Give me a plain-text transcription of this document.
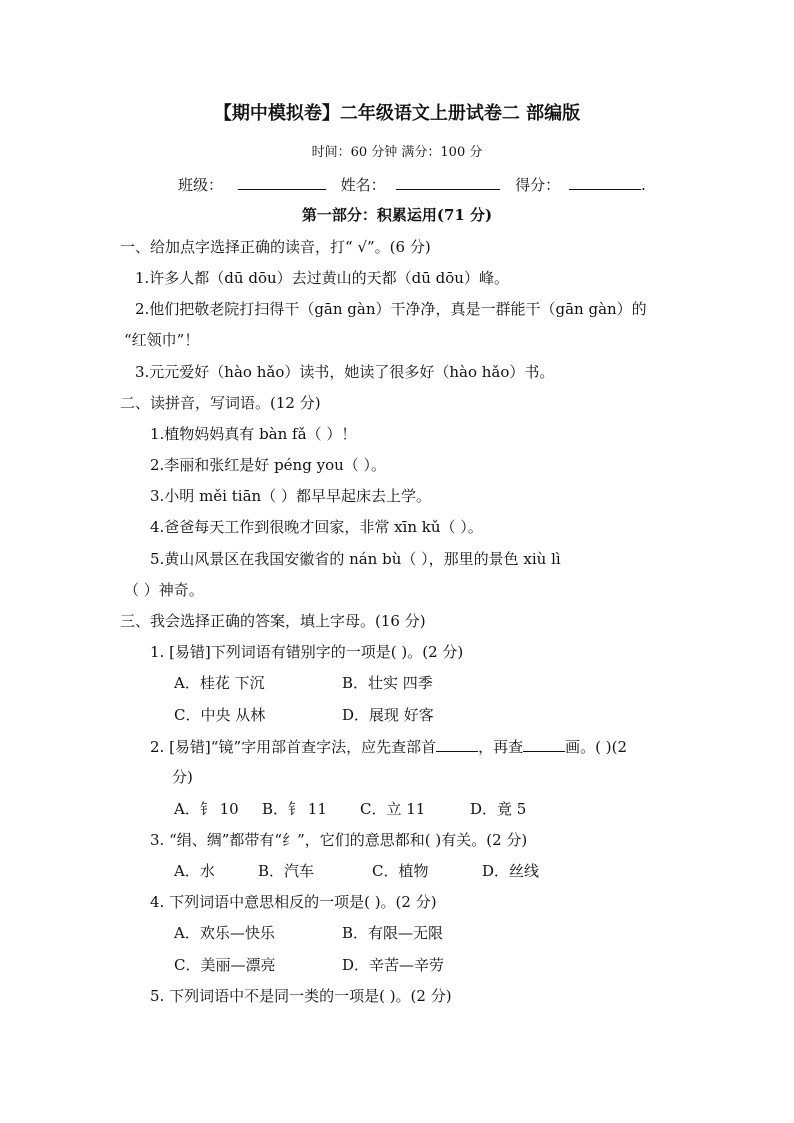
【期中模拟卷】二年级语文上册试卷二 部编版
时间：60 分钟 满分：100 分
班级：	姓名：	得分：	.
第一部分：积累运用(71 分)
一、给加点字选择正确的读音，打“ √”。(6 分)
1.许多人都（dū dōu）去过黄山的天都（dū dōu）峰。
2.他们把敬老院打扫得干（gān gàn）干净净，真是一群能干（gān gàn）的
“红领巾”！
3.元元爱好（hào hǎo）读书，她读了很多好（hào hǎo）书。
二、读拼音，写词语。(12 分)
1.植物妈妈真有 bàn fǎ（ ）！
2.李丽和张红是好 péng you（ ）。
3.小明 měi tiān（ ）都早早起床去上学。
4.爸爸每天工作到很晚才回家，非常 xīn kǔ（ ）。
5.黄山风景区在我国安徽省的 nán bù（ ），那里的景色 xiù lì
（ ）神奇。
三、我会选择正确的答案，填上字母。(16 分)
1. [易错]下列词语有错别字的一项是( )。(2 分)
A．桂花 下沉	B．壮实 四季
C．中央 从林	D．展现 好客
2. [易错]“镜”字用部首查字法，应先查部首	，再查	画。( )(2
分)
A．钅 10 B．钅 11 C．立 11	D．竟 5
3. “绢、绸”都带有“纟”，它们的意思都和( )有关。(2 分)
A．水	B．汽车	C．植物	D．丝线
4. 下列词语中意思相反的一项是( )。(2 分)
A．欢乐—快乐	B．有限—无限
C．美丽—漂亮	D．辛苦—辛劳
5. 下列词语中不是同一类的一项是( )。(2 分)
